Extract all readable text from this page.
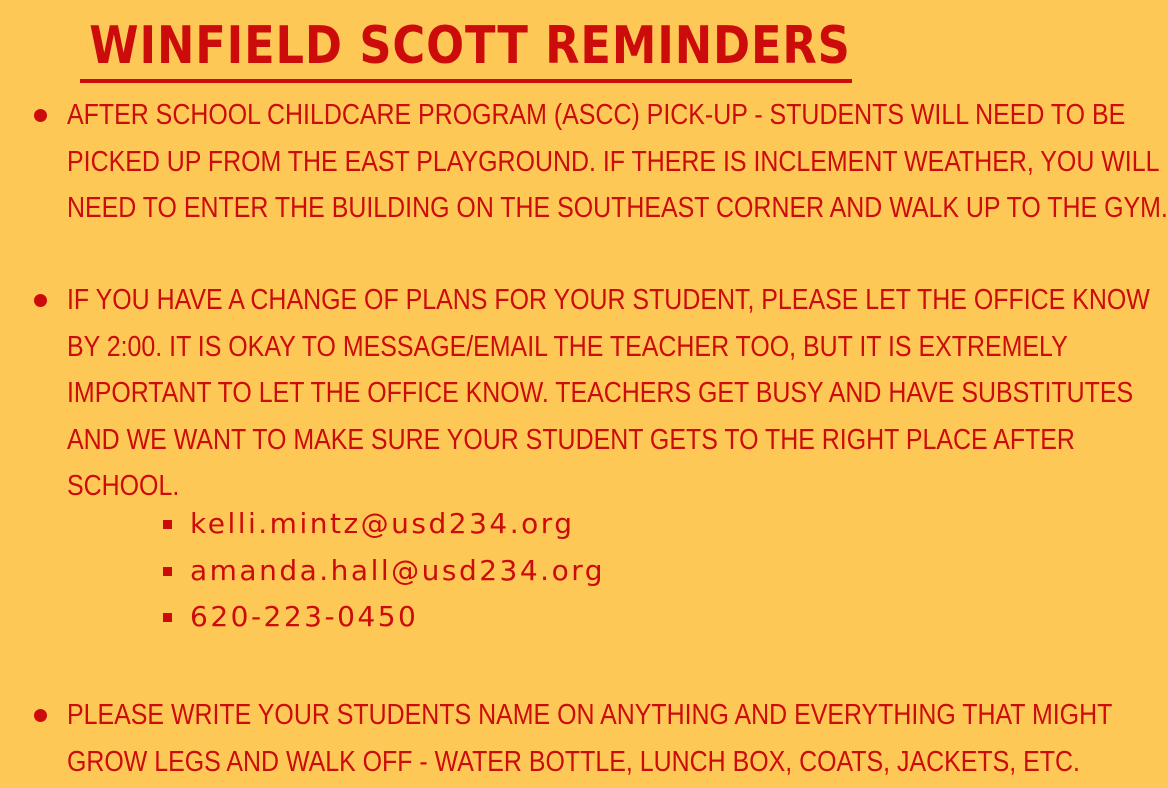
WINFIELD SCOTT REMINDERS
AFTER SCHOOL CHILDCARE PROGRAM (ASCC) PICK-UP - STUDENTS WILL NEED TO BE
PICKED UP FROM THE EAST PLAYGROUND. IF THERE IS INCLEMENT WEATHER, YOU WILL
NEED TO ENTER THE BUILDING ON THE SOUTHEAST CORNER AND WALK UP TO THE GYM.
IF YOU HAVE A CHANGE OF PLANS FOR YOUR STUDENT, PLEASE LET THE OFFICE KNOW
BY 2:00. IT IS OKAY TO MESSAGE/EMAIL THE TEACHER TOO, BUT IT IS EXTREMELY
IMPORTANT TO LET THE OFFICE KNOW. TEACHERS GET BUSY AND HAVE SUBSTITUTES
AND WE WANT TO MAKE SURE YOUR STUDENT GETS TO THE RIGHT PLACE AFTER
SCHOOL.
kelli.mintz@usd234.org
amanda.hall@usd234.org
620-223-0450
PLEASE WRITE YOUR STUDENTS NAME ON ANYTHING AND EVERYTHING THAT MIGHT
GROW LEGS AND WALK OFF - WATER BOTTLE, LUNCH BOX, COATS, JACKETS, ETC.
